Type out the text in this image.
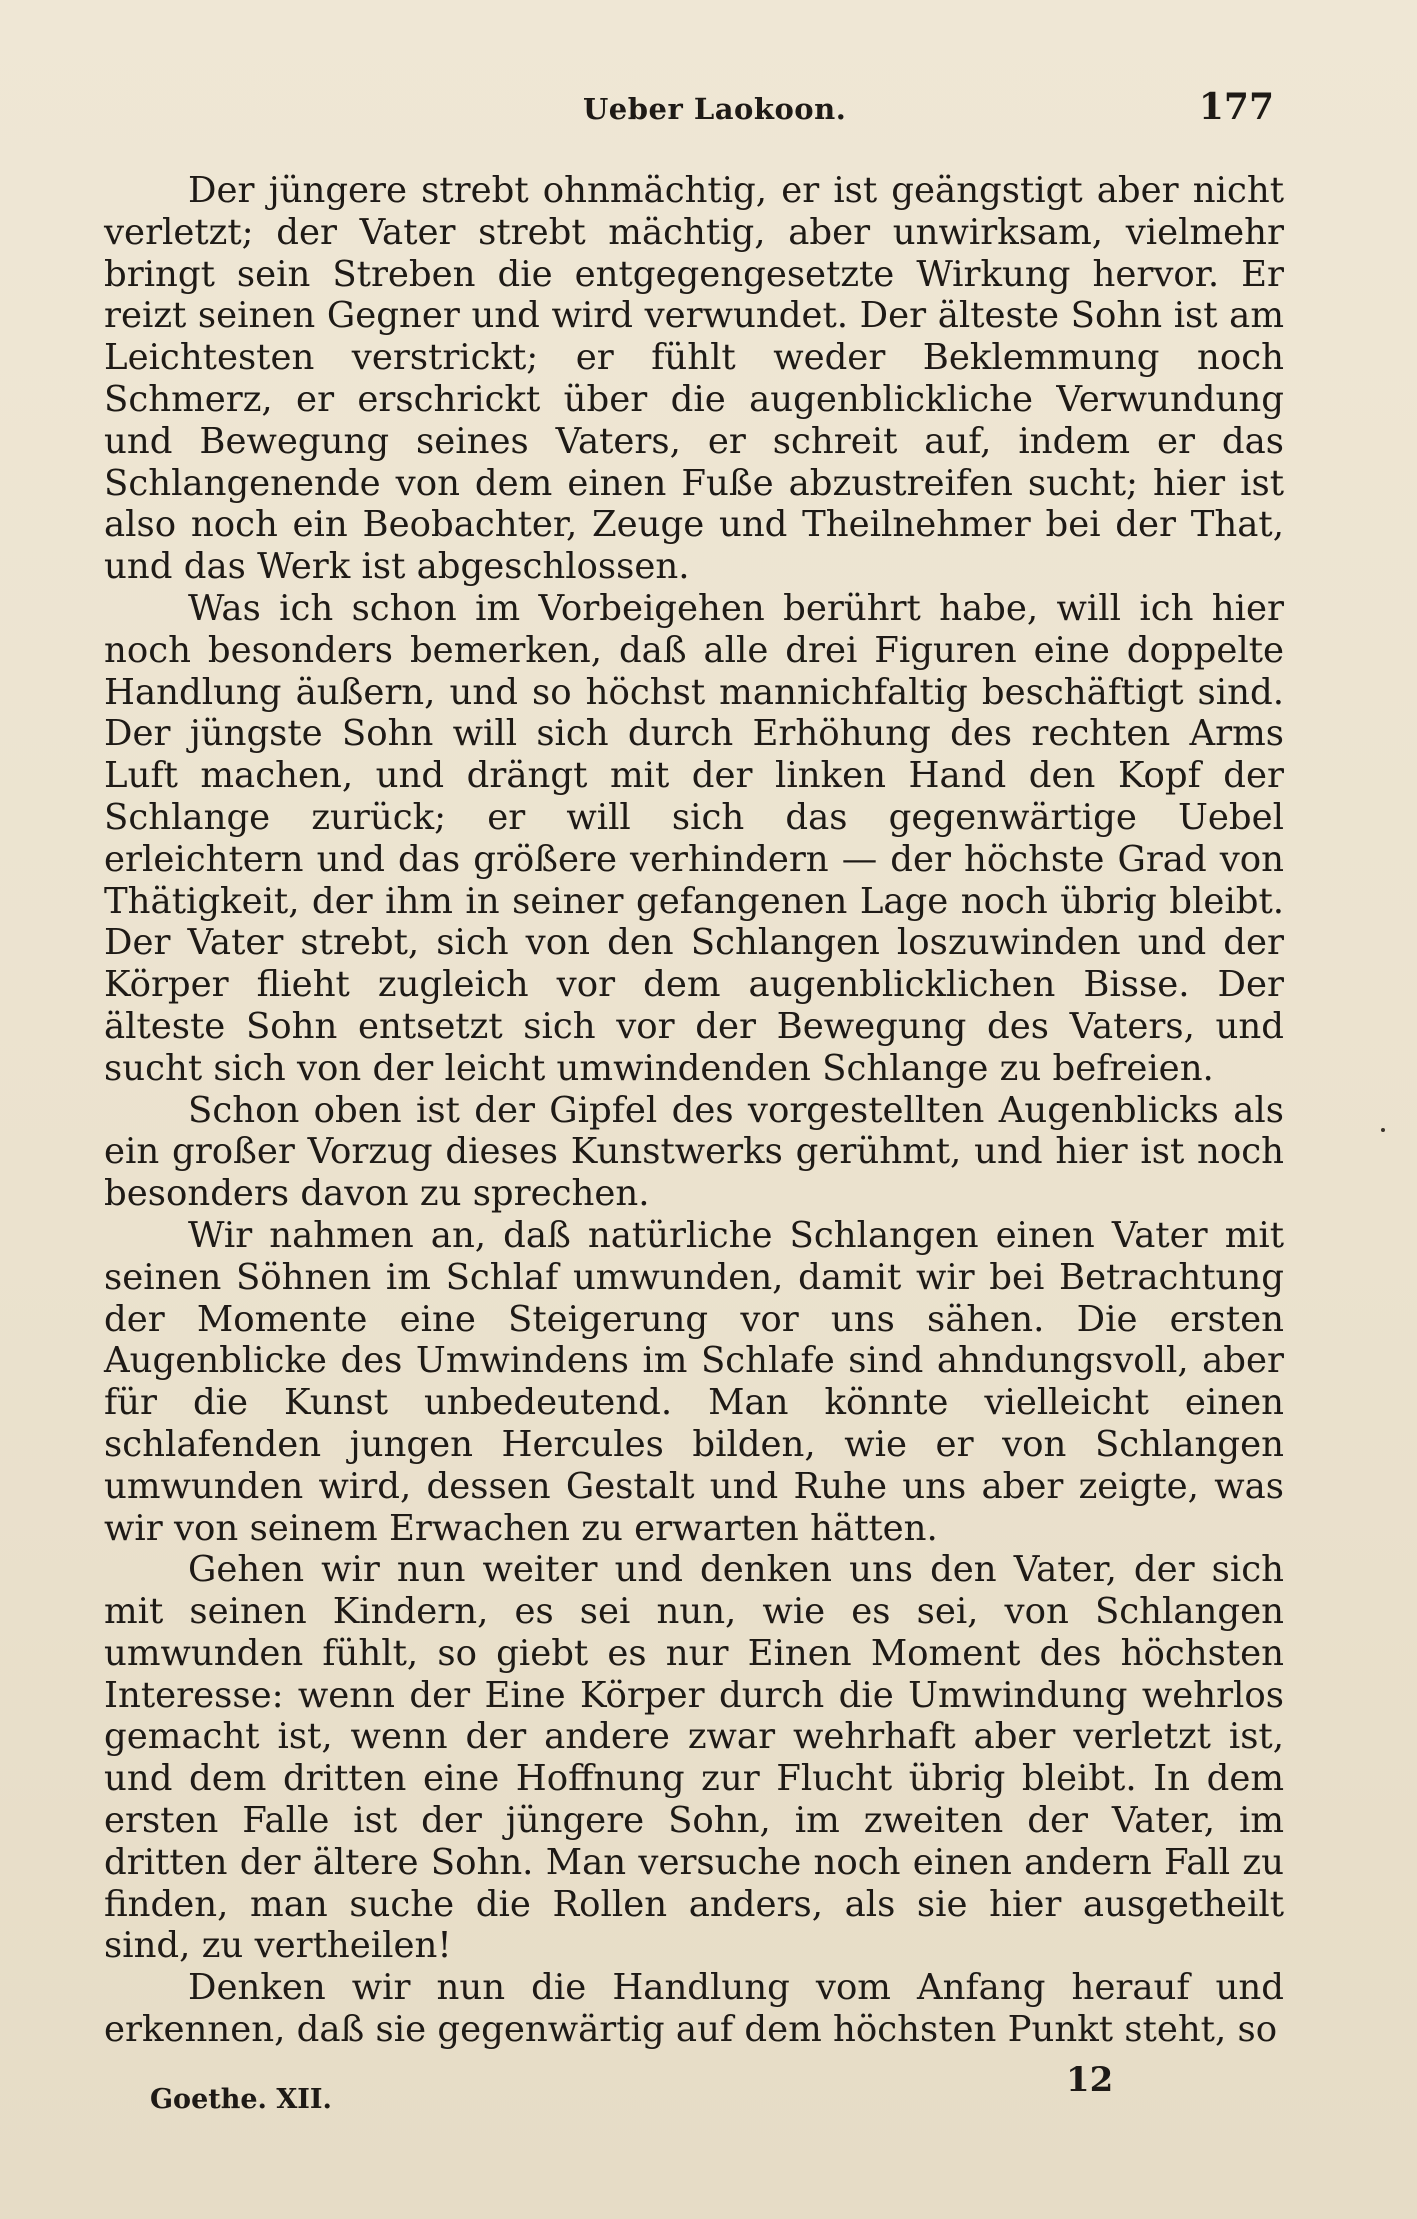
Ueber Laokoon.	177

Der jüngere strebt ohnmächtig, er ist geängstigt aber nicht verletzt; der Vater strebt mächtig, aber unwirksam, vielmehr bringt sein Streben die entgegengesetzte Wirkung hervor. Er reizt seinen Gegner und wird verwundet. Der älteste Sohn ist am Leichtesten verstrickt; er fühlt weder Beklemmung noch Schmerz, er erschrickt über die augenblickliche Verwundung und Bewegung seines Vaters, er schreit auf, indem er das Schlangenende von dem einen Fuße abzustreifen sucht; hier ist also noch ein Beobachter, Zeuge und Theilnehmer bei der That, und das Werk ist abgeschlossen.

Was ich schon im Vorbeigehen berührt habe, will ich hier noch besonders bemerken, daß alle drei Figuren eine doppelte Handlung äußern, und so höchst mannichfaltig beschäftigt sind. Der jüngste Sohn will sich durch Erhöhung des rechten Arms Luft machen, und drängt mit der linken Hand den Kopf der Schlange zurück; er will sich das gegenwärtige Uebel erleichtern und das größere verhindern — der höchste Grad von Thätigkeit, der ihm in seiner gefangenen Lage noch übrig bleibt. Der Vater strebt, sich von den Schlangen loszuwinden und der Körper flieht zugleich vor dem augenblicklichen Bisse. Der älteste Sohn entsetzt sich vor der Bewegung des Vaters, und sucht sich von der leicht umwindenden Schlange zu befreien.

Schon oben ist der Gipfel des vorgestellten Augenblicks als ein großer Vorzug dieses Kunstwerks gerühmt, und hier ist noch besonders davon zu sprechen.

Wir nahmen an, daß natürliche Schlangen einen Vater mit seinen Söhnen im Schlaf umwunden, damit wir bei Betrachtung der Momente eine Steigerung vor uns sähen. Die ersten Augenblicke des Umwindens im Schlafe sind ahndungsvoll, aber für die Kunst unbedeutend. Man könnte vielleicht einen schlafenden jungen Hercules bilden, wie er von Schlangen umwunden wird, dessen Gestalt und Ruhe uns aber zeigte, was wir von seinem Erwachen zu erwarten hätten.

Gehen wir nun weiter und denken uns den Vater, der sich mit seinen Kindern, es sei nun, wie es sei, von Schlangen umwunden fühlt, so giebt es nur Einen Moment des höchsten Interesse: wenn der Eine Körper durch die Umwindung wehrlos gemacht ist, wenn der andere zwar wehrhaft aber verletzt ist, und dem dritten eine Hoffnung zur Flucht übrig bleibt. In dem ersten Falle ist der jüngere Sohn, im zweiten der Vater, im dritten der ältere Sohn. Man versuche noch einen andern Fall zu finden, man suche die Rollen anders, als sie hier ausgetheilt sind, zu vertheilen!

Denken wir nun die Handlung vom Anfang herauf und erkennen, daß sie gegenwärtig auf dem höchsten Punkt steht, so

Goethe. XII.	12
